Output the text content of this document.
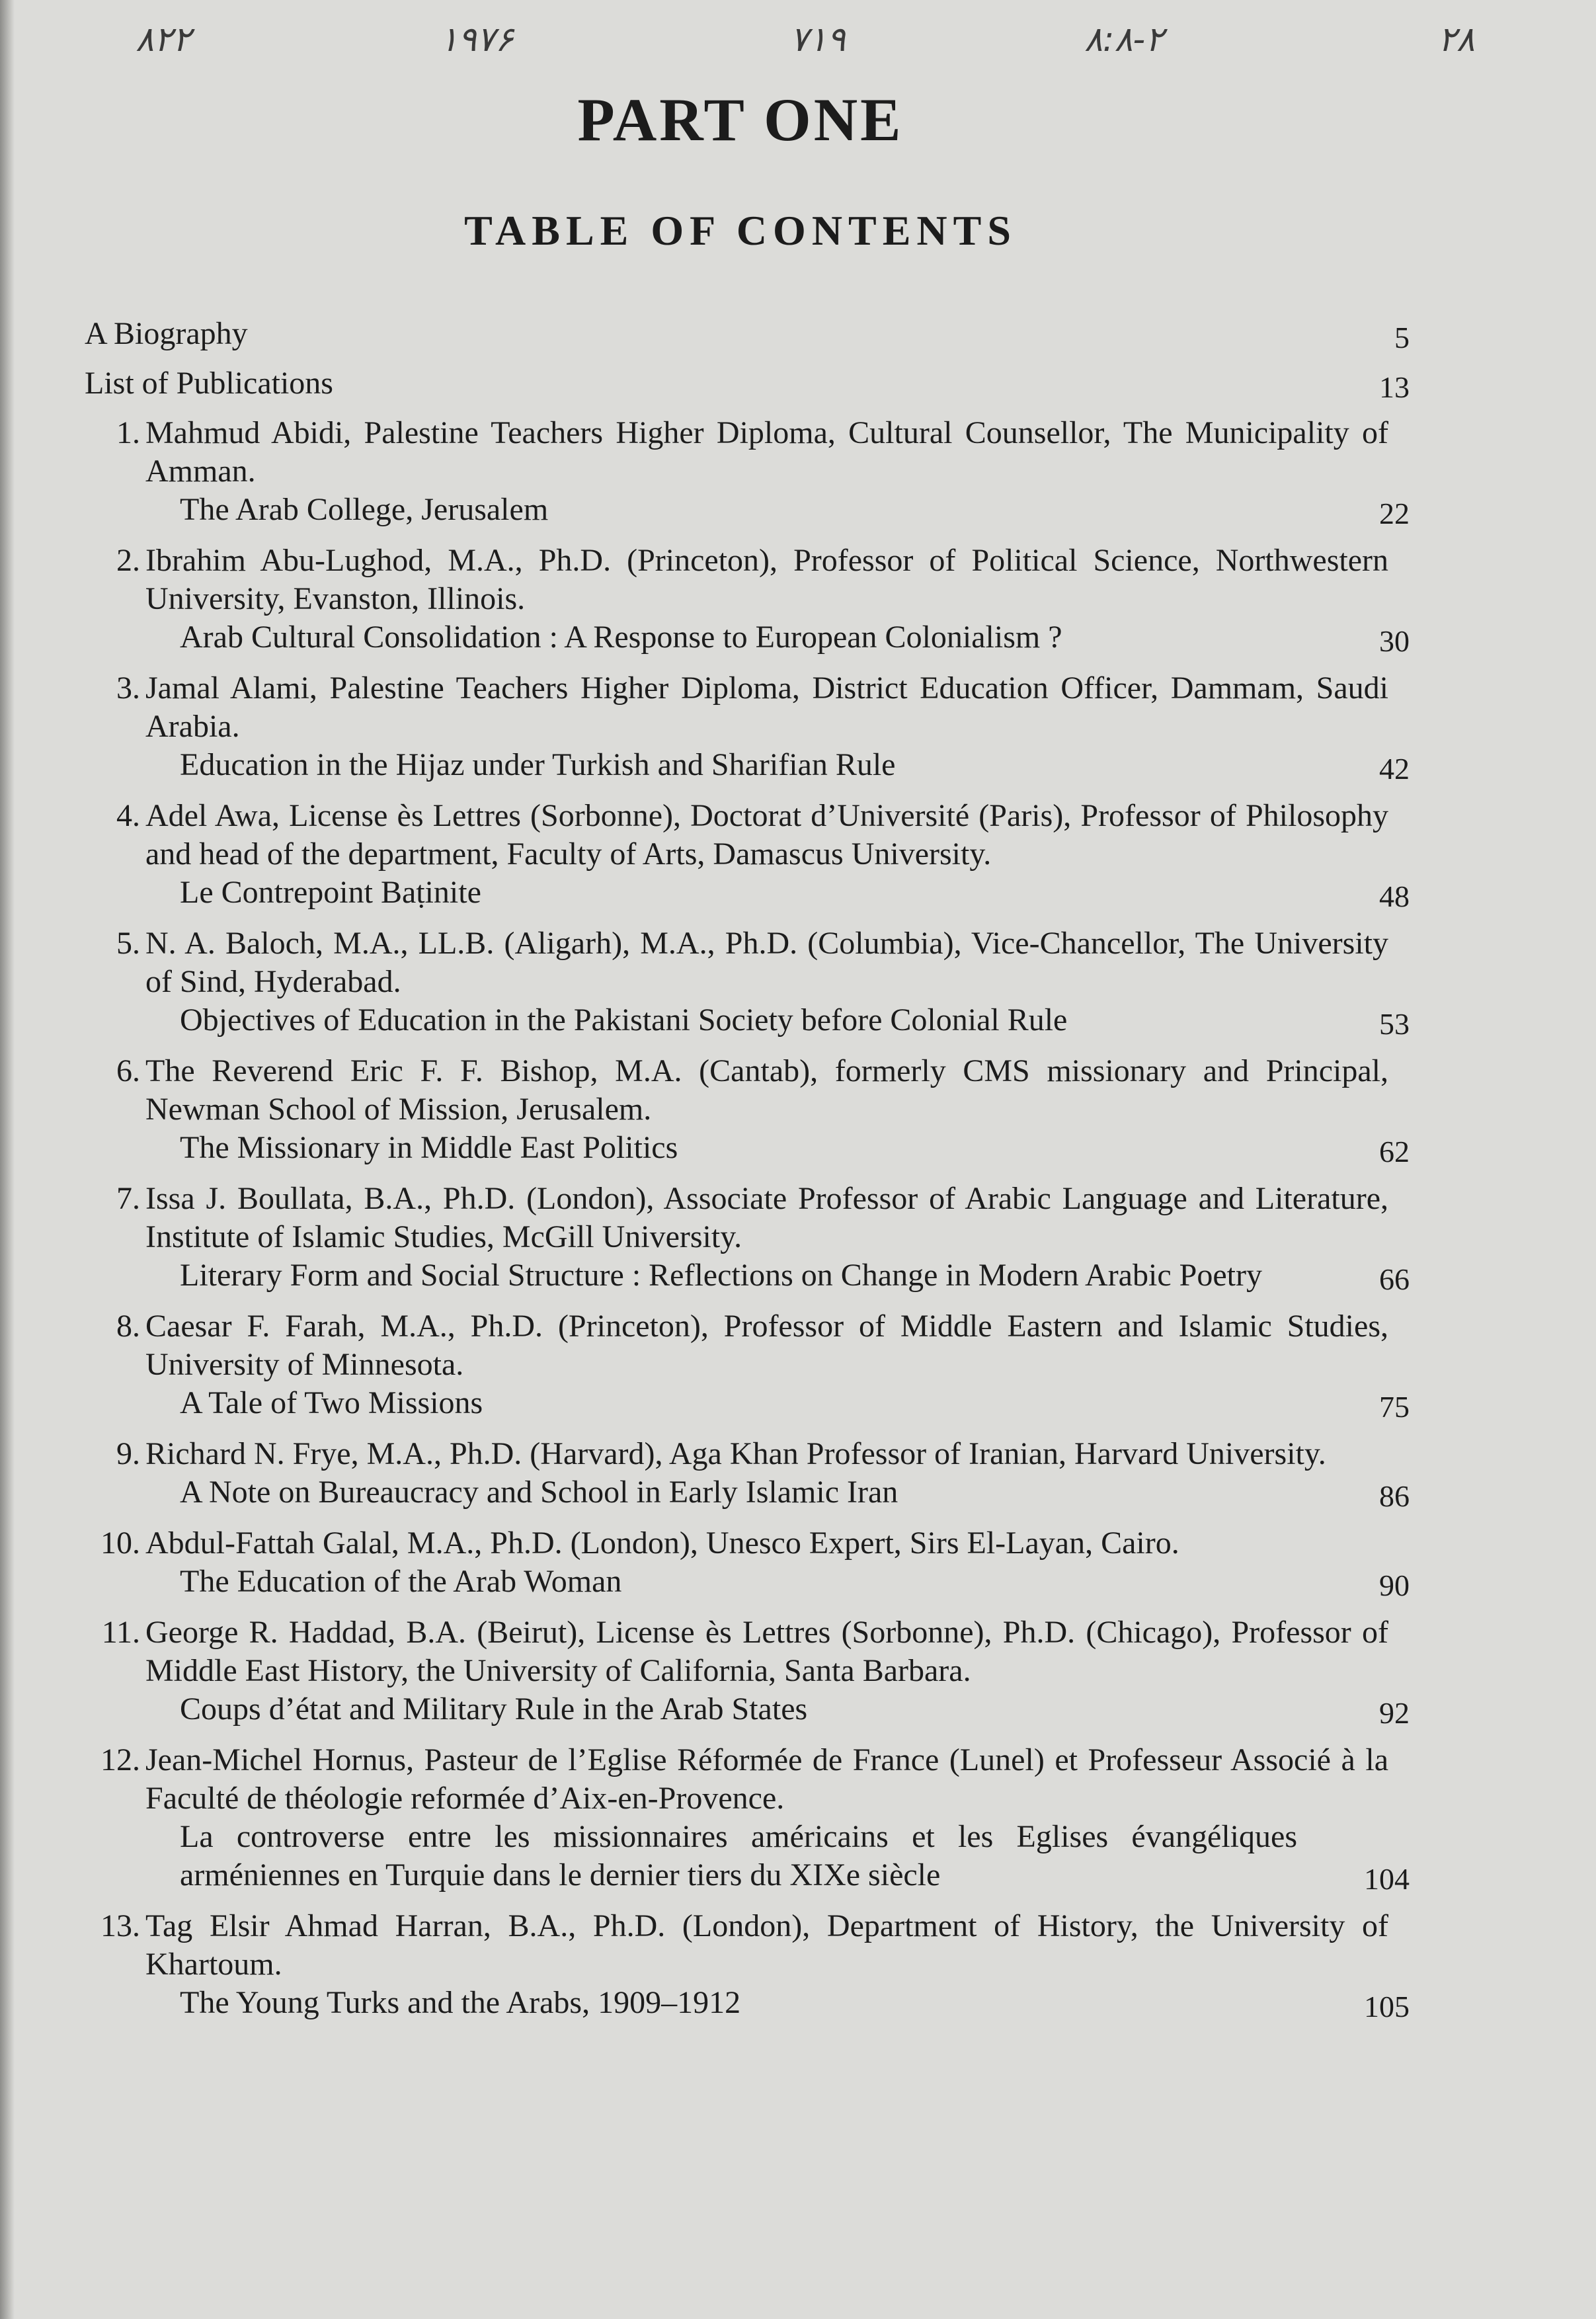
۸۲۲	۱۹۷۶	۷۱۹	۸:۸-۲	۲۸
PART ONE
TABLE OF CONTENTS
A Biography	5
List of Publications	13
1. Mahmud Abidi, Palestine Teachers Higher Diploma, Cultural Counsellor, The Municipality of Amman.
The Arab College, Jerusalem	22
2. Ibrahim Abu-Lughod, M.A., Ph.D. (Princeton), Professor of Political Science, Northwestern University, Evanston, Illinois.
Arab Cultural Consolidation : A Response to European Colonialism ?	30
3. Jamal Alami, Palestine Teachers Higher Diploma, District Education Officer, Dammam, Saudi Arabia.
Education in the Hijaz under Turkish and Sharifian Rule	42
4. Adel Awa, License ès Lettres (Sorbonne), Doctorat d’Université (Paris), Professor of Philosophy and head of the department, Faculty of Arts, Damascus University.
Le Contrepoint Baṭinite	48
5. N. A. Baloch, M.A., LL.B. (Aligarh), M.A., Ph.D. (Columbia), Vice-Chancellor, The University of Sind, Hyderabad.
Objectives of Education in the Pakistani Society before Colonial Rule	53
6. The Reverend Eric F. F. Bishop, M.A. (Cantab), formerly CMS missionary and Principal, Newman School of Mission, Jerusalem.
The Missionary in Middle East Politics	62
7. Issa J. Boullata, B.A., Ph.D. (London), Associate Professor of Arabic Language and Literature, Institute of Islamic Studies, McGill University.
Literary Form and Social Structure : Reflections on Change in Modern Arabic Poetry	66
8. Caesar F. Farah, M.A., Ph.D. (Princeton), Professor of Middle Eastern and Islamic Studies, University of Minnesota.
A Tale of Two Missions	75
9. Richard N. Frye, M.A., Ph.D. (Harvard), Aga Khan Professor of Iranian, Harvard University.
A Note on Bureaucracy and School in Early Islamic Iran	86
10. Abdul-Fattah Galal, M.A., Ph.D. (London), Unesco Expert, Sirs El-Layan, Cairo.
The Education of the Arab Woman	90
11. George R. Haddad, B.A. (Beirut), License ès Lettres (Sorbonne), Ph.D. (Chicago), Professor of Middle East History, the University of California, Santa Barbara.
Coups d’état and Military Rule in the Arab States	92
12. Jean-Michel Hornus, Pasteur de l’Eglise Réformée de France (Lunel) et Professeur Associé à la Faculté de théologie reformée d’Aix-en-Provence.
La controverse entre les missionnaires américains et les Eglises évangéliques arméniennes en Turquie dans le dernier tiers du XIXe siècle	104
13. Tag Elsir Ahmad Harran, B.A., Ph.D. (London), Department of History, the University of Khartoum.
The Young Turks and the Arabs, 1909–1912	105
